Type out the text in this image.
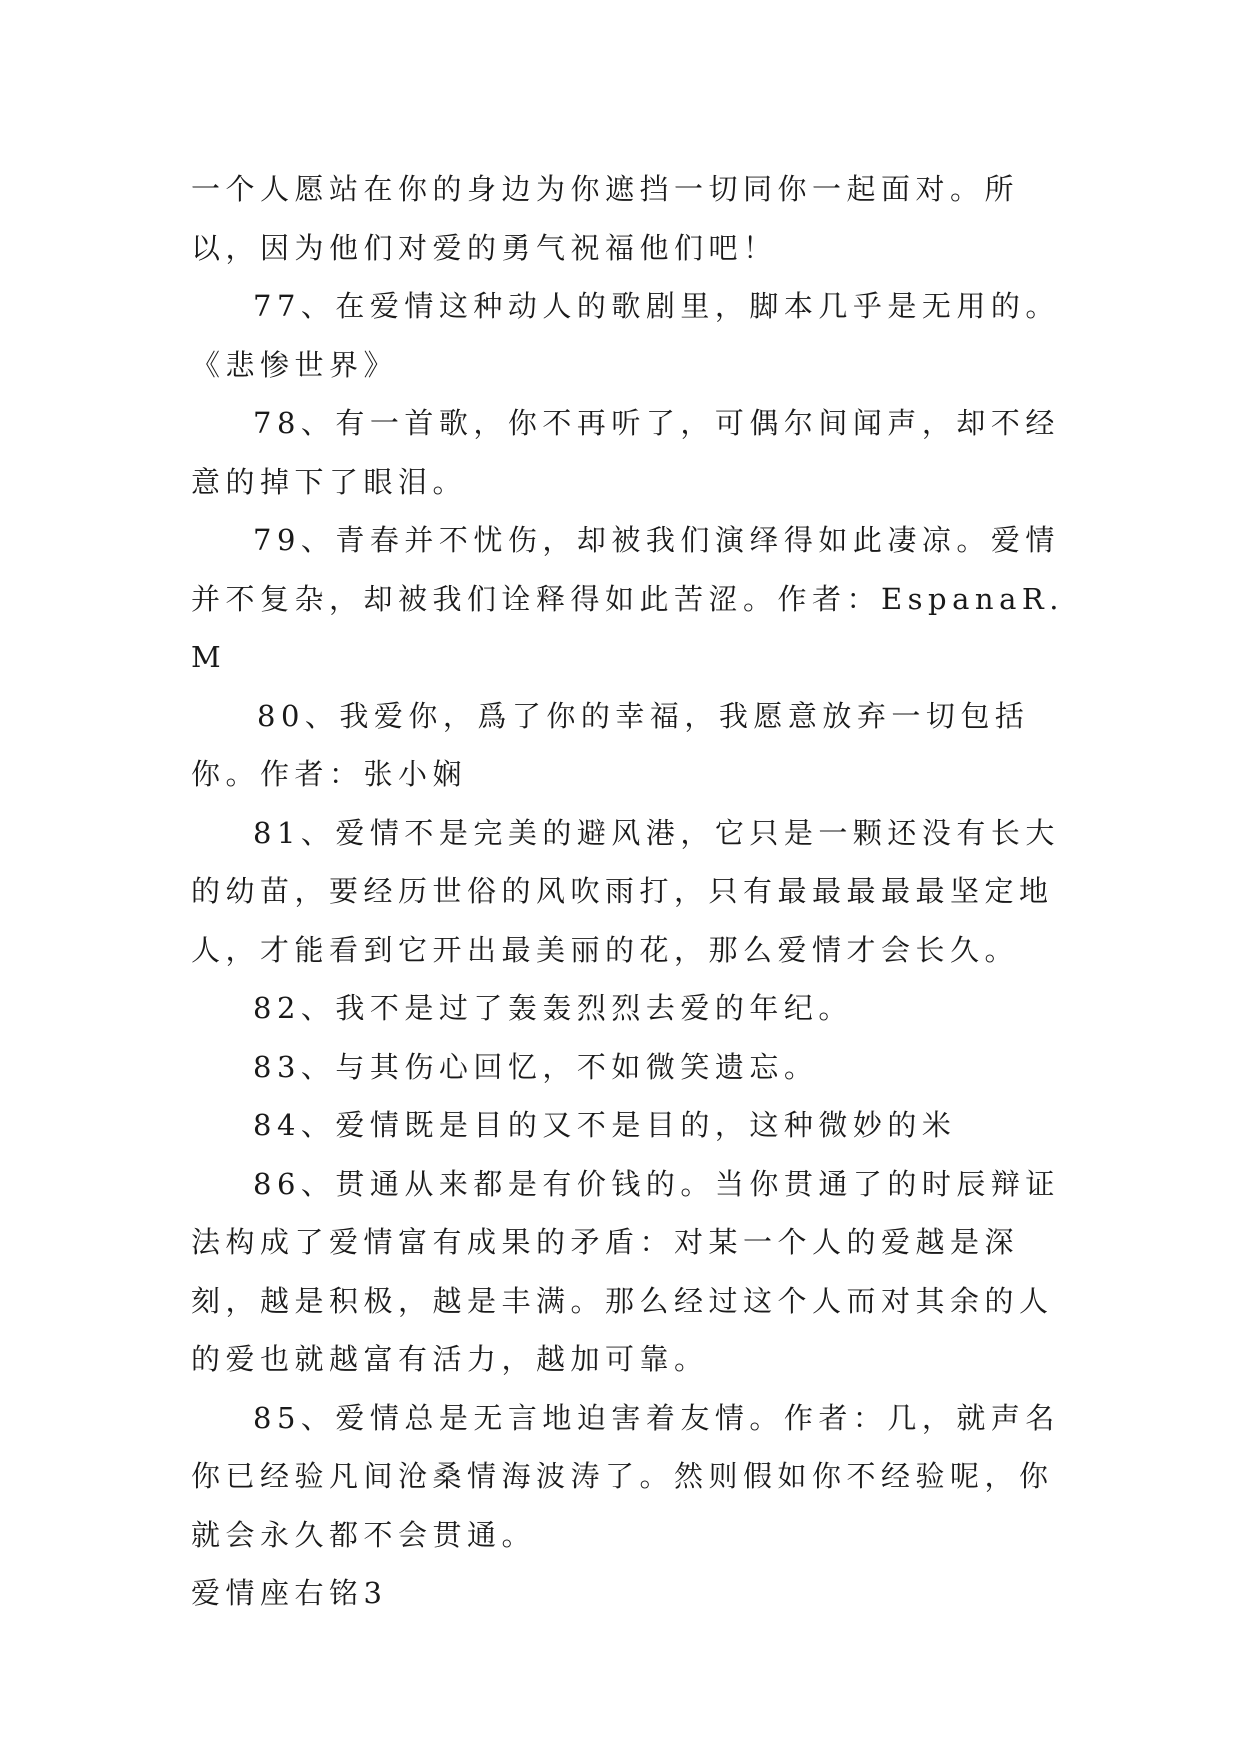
一个人愿站在你的身边为你遮挡一切同你一起面对。所以，因为他们对爱的勇气祝福他们吧！

77、在爱情这种动人的歌剧里，脚本几乎是无用的。《悲惨世界》

78、有一首歌，你不再听了，可偶尔间闻声，却不经意的掉下了眼泪。

79、青春并不忧伤，却被我们演绎得如此凄凉。爱情并不复杂，却被我们诠释得如此苦涩。作者：EspanaR.M

80、我爱你，爲了你的幸福，我愿意放弃一切包括你。作者：张小娴

81、爱情不是完美的避风港，它只是一颗还没有长大的幼苗，要经历世俗的风吹雨打，只有最最最最最坚定地人，才能看到它开出最美丽的花，那么爱情才会长久。

82、我不是过了轰轰烈烈去爱的年纪。

83、与其伤心回忆，不如微笑遗忘。

84、爱情既是目的又不是目的，这种微妙的米

86、贯通从来都是有价钱的。当你贯通了的时辰辩证法构成了爱情富有成果的矛盾：对某一个人的爱越是深刻，越是积极，越是丰满。那么经过这个人而对其余的人的爱也就越富有活力，越加可靠。

85、爱情总是无言地迫害着友情。作者：几，就声名你已经验凡间沧桑情海波涛了。然则假如你不经验呢，你就会永久都不会贯通。

爱情座右铭3
